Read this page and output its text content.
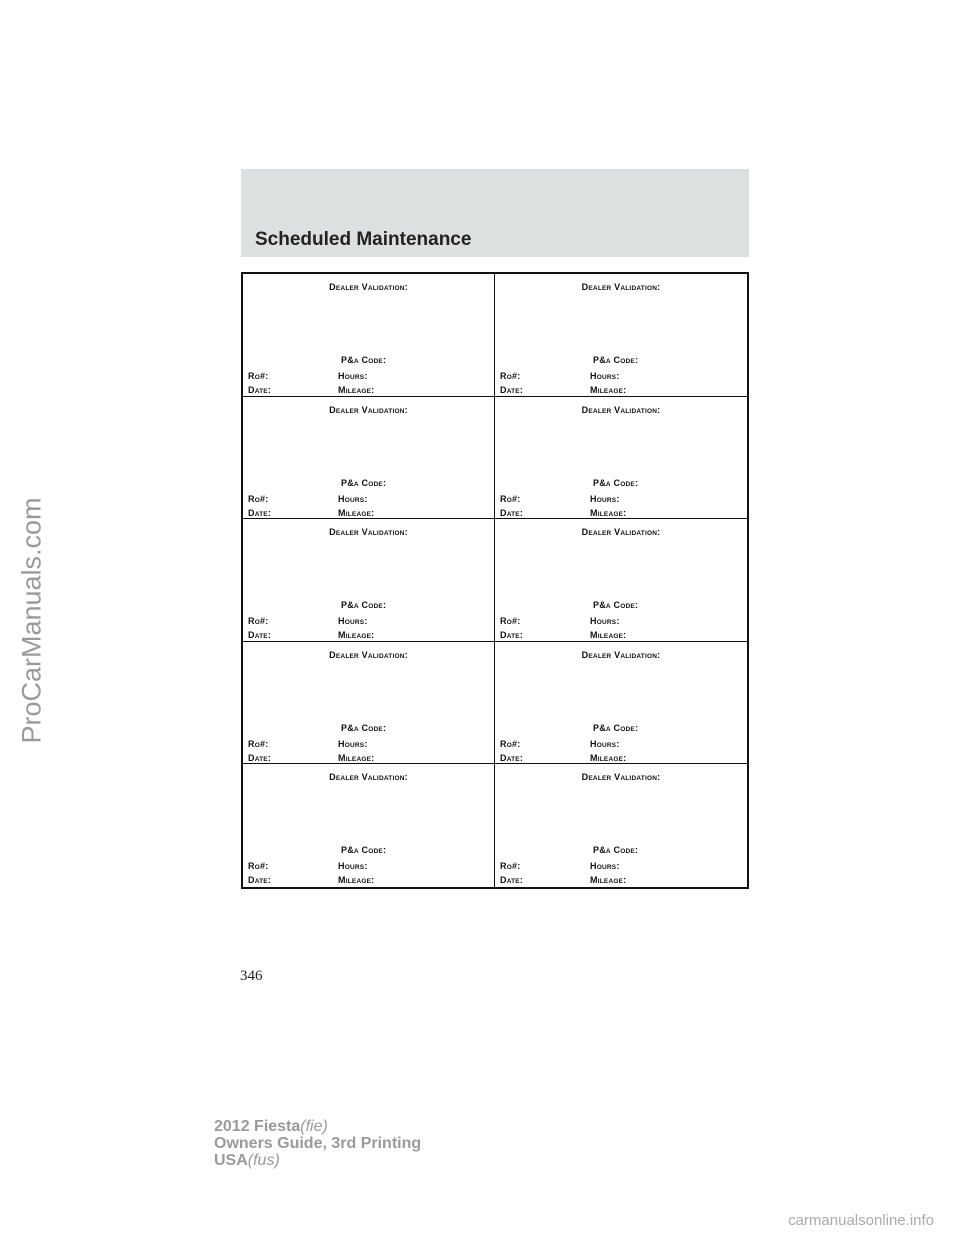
ProCarManuals.com
Scheduled Maintenance
DEALER VALIDATION:
P&A CODE:
RO#:	HOURS:
DATE:	MILEAGE:
DEALER VALIDATION:
P&A CODE:
RO#:	HOURS:
DATE:	MILEAGE:
DEALER VALIDATION:
P&A CODE:
RO#:	HOURS:
DATE:	MILEAGE:
DEALER VALIDATION:
P&A CODE:
RO#:	HOURS:
DATE:	MILEAGE:
DEALER VALIDATION:
P&A CODE:
RO#:	HOURS:
DATE:	MILEAGE:
DEALER VALIDATION:
P&A CODE:
RO#:	HOURS:
DATE:	MILEAGE:
DEALER VALIDATION:
P&A CODE:
RO#:	HOURS:
DATE:	MILEAGE:
DEALER VALIDATION:
P&A CODE:
RO#:	HOURS:
DATE:	MILEAGE:
DEALER VALIDATION:
P&A CODE:
RO#:	HOURS:
DATE:	MILEAGE:
DEALER VALIDATION:
P&A CODE:
RO#:	HOURS:
DATE:	MILEAGE:
346
2012 Fiesta(fie)
Owners Guide, 3rd Printing
USA(fus)
carmanualsonline.info
